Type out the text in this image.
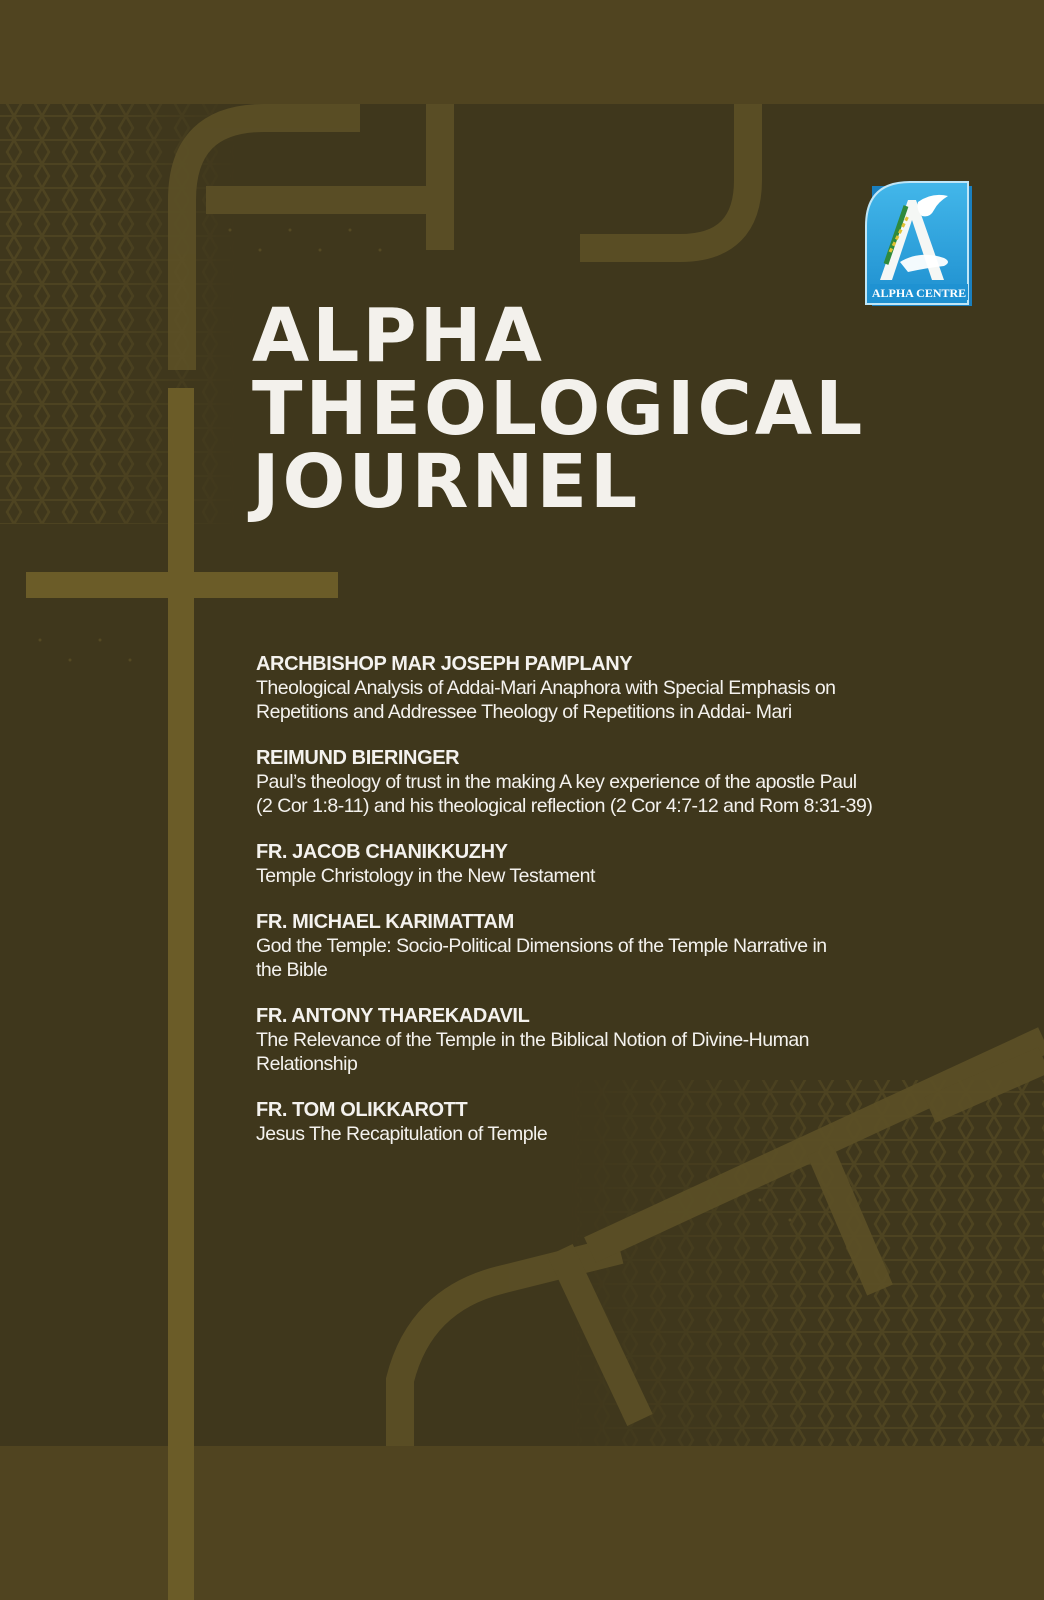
ALPHA CENTRE
ALPHA
THEOLOGICAL
JOURNEL
ARCHBISHOP MAR JOSEPH PAMPLANY
Theological Analysis of Addai-Mari Anaphora with Special Emphasis on
Repetitions and Addressee Theology of Repetitions in Addai- Mari
REIMUND BIERINGER
Paul’s theology of trust in the making A key experience of the apostle Paul
(2 Cor 1:8-11) and his theological reflection (2 Cor 4:7-12 and Rom 8:31-39)
FR. JACOB CHANIKKUZHY
Temple Christology in the New Testament
FR. MICHAEL KARIMATTAM
God the Temple: Socio-Political Dimensions of the Temple Narrative in
the Bible
FR. ANTONY THAREKADAVIL
The Relevance of the Temple in the Biblical Notion of Divine-Human
Relationship
FR. TOM OLIKKAROTT
Jesus The Recapitulation of Temple
